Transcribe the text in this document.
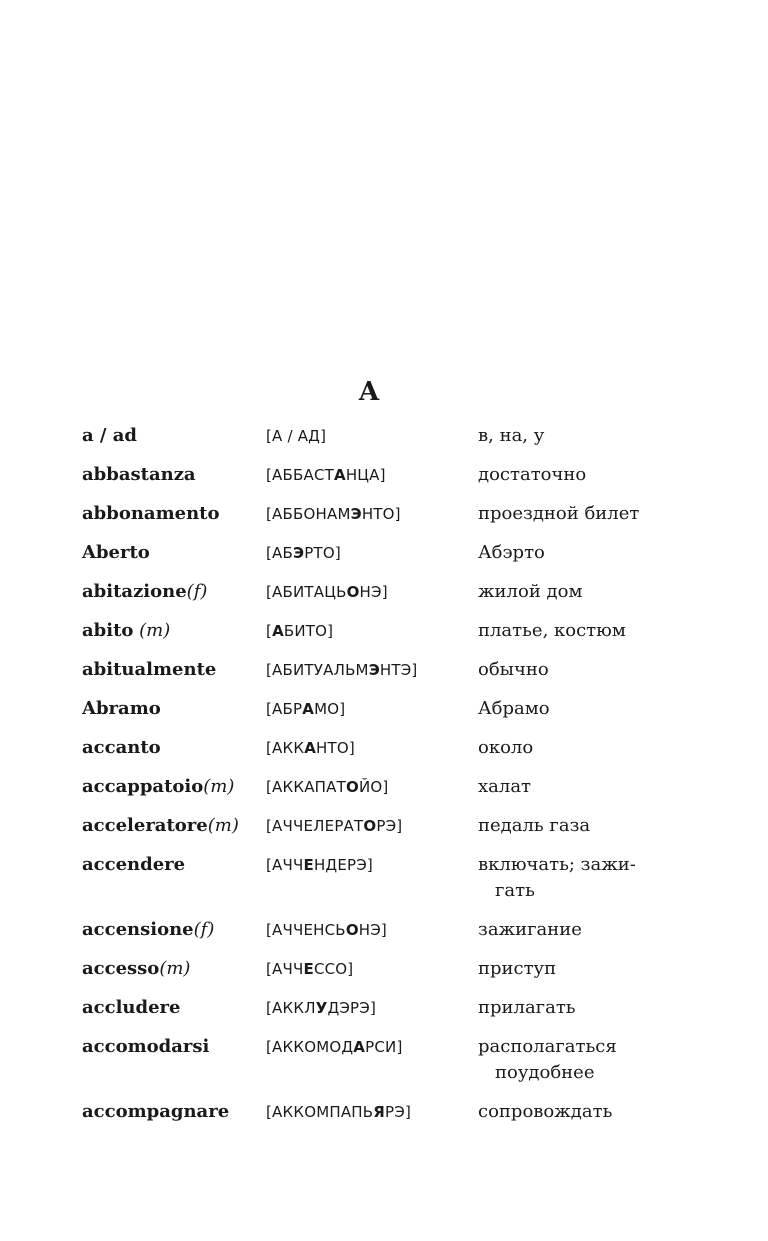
A
a / ad	[А / АД]	в, на, у
abbastanza	[АББАСТАНЦА]	достаточно
abbonamento	[АББОНАМЭНТО]	проездной билет
Aberto	[АБЭРТО]	Абэрто
abitazione(f)	[АБИТАЦЬОНЭ]	жилой дом
abito (m)	[АБИТО]	платье, костюм
abitualmente	[АБИТУАЛЬМЭНТЭ]	обычно
Abramo	[АБРАМО]	Абрамо
accanto	[АККАНТО]	около
accappatoio(m)	[АККАПАТОЙО]	халат
acceleratore(m)	[АЧЧЕЛЕРАТОРЭ]	педаль газа
accendere	[АЧЧЕНДЕРЭ]	включать; зажи-
гать
accensione(f)	[АЧЧЕНСЬОНЭ]	зажигание
accesso(m)	[АЧЧЕССО]	приступ
accludere	[АККЛУДЭРЭ]	прилагать
accomodarsi	[АККОМОДАРСИ]	располагаться
поудобнее
accompagnare	[АККОМПАПЬЯРЭ]	сопровождать
